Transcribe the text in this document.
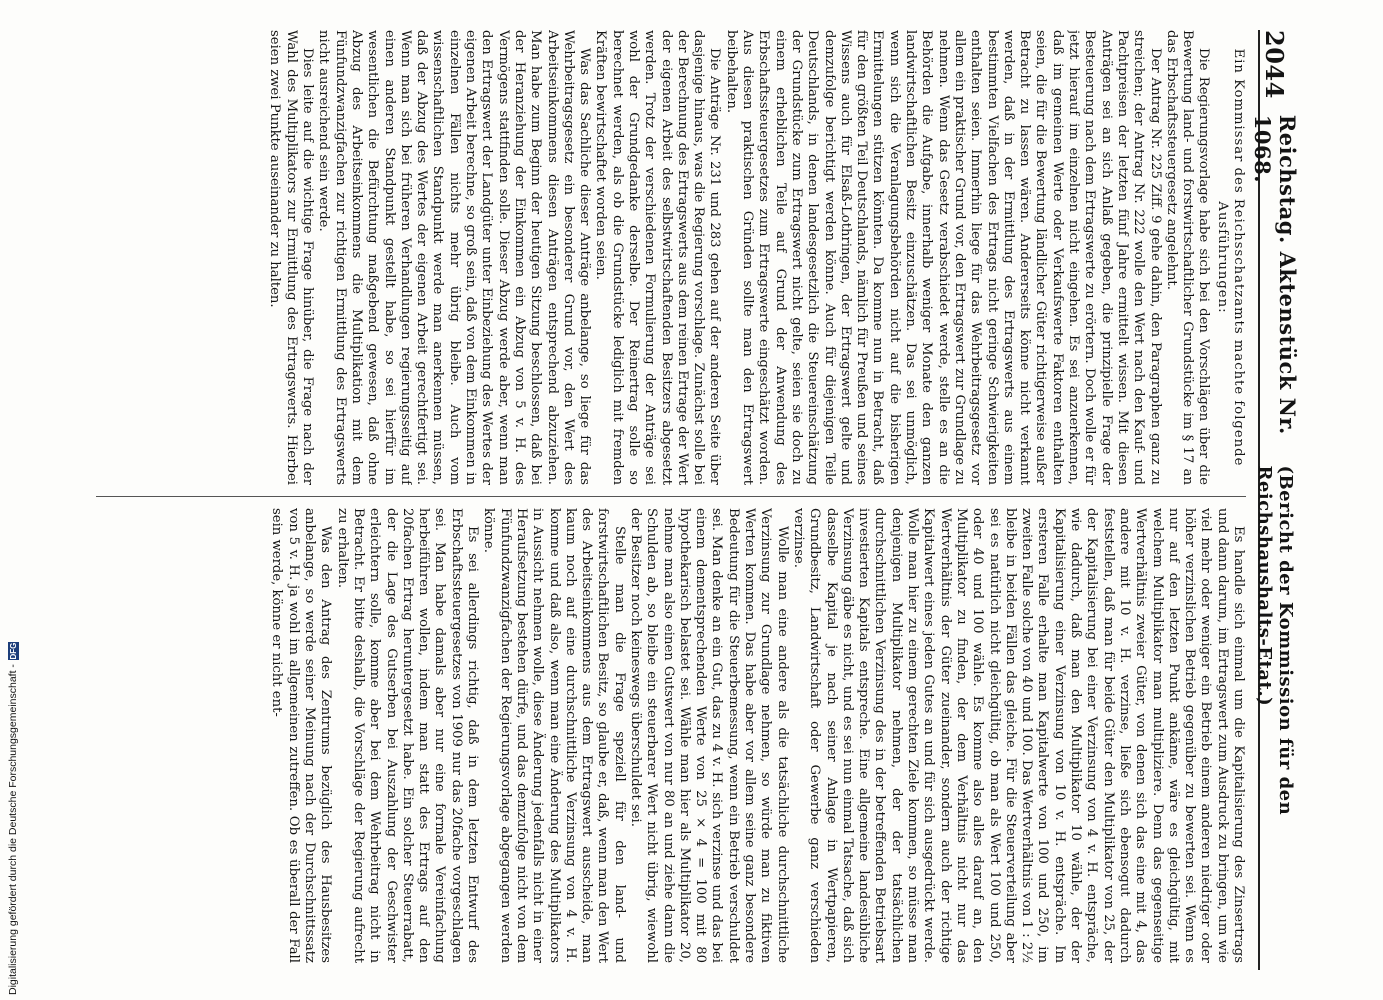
2044
Reichstag. Aktenstück Nr. 1068.
(Bericht der Kommission für den Reichshaushalts-Etat.)

Ein Kommissar des Reichsschatzamts machte folgende Ausführungen:

Die Regierungsvorlage habe sich bei den Vorschlägen über die Bewertung land- und forstwirtschaftlicher Grundstücke im § 17 an das Erbschaftssteuergesetz angelehnt.

Der Antrag Nr. 225 Ziff. 9 gehe dahin, den Paragraphen ganz zu streichen; der Antrag Nr. 222 wolle den Wert nach den Kauf- und Pachtpreisen der letzten fünf Jahre ermittelt wissen. Mit diesen Anträgen sei an sich Anlaß gegeben, die prinzipielle Frage der Besteuerung nach dem Ertragswerte zu erörtern. Doch wolle er für jetzt hierauf im einzelnen nicht eingehen. Es sei anzuerkennen, daß im gemeinen Werte oder Verkaufswerte Faktoren enthalten seien, die für die Bewertung ländlicher Güter richtigerweise außer Betracht zu lassen wären. Andererseits könne nicht verkannt werden, daß in der Ermittlung des Ertragswerts aus einem bestimmten Vielfachen des Ertrags nicht geringe Schwierigkeiten enthalten seien. Immerhin liege für das Wehrbeitragsgesetz vor allem ein praktischer Grund vor, den Ertragswert zur Grundlage zu nehmen. Wenn das Gesetz verabschiedet werde, stelle es an die Behörden die Aufgabe, innerhalb weniger Monate den ganzen landwirtschaftlichen Besitz einzuschätzen. Das sei unmöglich, wenn sich die Veranlagungsbehörden nicht auf die bisherigen Ermittelungen stützen könnten. Da komme nun in Betracht, daß für den größten Teil Deutschlands, nämlich für Preußen und seines Wissens auch für Elsaß-Lothringen, der Ertragswert gelte und demzufolge berichtigt werden könne. Auch für diejenigen Teile Deutschlands, in denen landesgesetzlich die Steuereinschätzung der Grundstücke zum Ertragswert nicht gelte, seien sie doch zu einem erheblichen Teile auf Grund der Anwendung des Erbschaftssteuergesetzes zum Ertragswerte eingeschätzt worden. Aus diesen praktischen Gründen sollte man den Ertragswert beibehalten.

Die Anträge Nr. 231 und 283 gehen auf der anderen Seite über dasjenige hinaus, was die Regierung vorschlage. Zunächst solle bei der Berechnung des Ertragswerts aus dem reinen Ertrage der Wert der eigenen Arbeit des selbstwirtschaftenden Besitzers abgesetzt werden. Trotz der verschiedenen Formulierung der Anträge sei wohl der Grundgedanke derselbe. Der Reinertrag solle so berechnet werden, als ob die Grundstücke lediglich mit fremden Kräften bewirtschaftet worden seien.

Was das Sachliche dieser Anträge anbelange, so liege für das Wehrbeitragsgesetz ein besonderer Grund vor, den Wert des Arbeitseinkommens diesen Anträgen entsprechend abzuziehen. Man habe zum Beginn der heutigen Sitzung beschlossen, daß bei der Heranziehung der Einkommen ein Abzug von 5 v. H. des Vermögens stattfinden solle. Dieser Abzug werde aber, wenn man den Ertragswert der Landgüter unter Einbeziehung des Wertes der eigenen Arbeit berechne, so groß sein, daß von dem Einkommen in einzelnen Fällen nichts mehr übrig bleibe. Auch vom wissenschaftlichen Standpunkt werde man anerkennen müssen, daß der Abzug des Wertes der eigenen Arbeit gerechtfertigt sei. Wenn man sich bei früheren Verhandlungen regierungsseitig auf einen anderen Standpunkt gestellt habe, so sei hierfür im wesentlichen die Befürchtung maßgebend gewesen, daß ohne Abzug des Arbeitseinkommens die Multiplikation mit dem Fünfundzwanzigfachen zur richtigen Ermittlung des Ertragswerts nicht ausreichend sein werde.

Dies leite auf die wichtige Frage hinüber, die Frage nach der Wahl des Multiplikators zur Ermittlung des Ertragswerts. Hierbei seien zwei Punkte auseinander zu halten.

Es handle sich einmal um die Kapitalisierung des Zinsertrags und dann darum, im Ertragswert zum Ausdruck zu bringen, um wie viel mehr oder weniger ein Betrieb einem anderen niedriger oder höher verzinslichen Betrieb gegenüber zu bewerten sei. Wenn es nur auf den letzten Punkt ankäme, wäre es gleichgültig, mit welchem Multiplikator man multipliziere. Denn das gegenseitige Wertverhältnis zweier Güter, von denen sich das eine mit 4, das andere mit 10 v. H. verzinse, ließe sich ebensogut dadurch feststellen, daß man für beide Güter den Multiplikator von 25, der der Kapitalisierung bei einer Verzinsung von 4 v. H. entspräche, wie dadurch, daß man den Multiplikator 10 wähle, der der Kapitalisierung einer Verzinsung von 10 v. H. entspräche. Im ersteren Falle erhalte man Kapitalwerte von 100 und 250, im zweiten Falle solche von 40 und 100. Das Wertverhältnis von 1 : 2½ bleibe in beiden Fällen das gleiche. Für die Steuerverteilung aber sei es natürlich nicht gleichgültig, ob man als Wert 100 und 250, oder 40 und 100 wähle. Es komme also alles darauf an, den Multiplikator zu finden, der dem Verhältnis nicht nur das Wertverhältnis der Güter zueinander, sondern auch der richtige Kapitalwert eines jeden Gutes an und für sich ausgedrückt werde. Wolle man hier zu einem gerechten Ziele kommen, so müsse man denjenigen Multiplikator nehmen, der der tatsächlichen durchschnittlichen Verzinsung des in der betreffenden Betriebsart investierten Kapitals entspreche. Eine allgemeine landesübliche Verzinsung gäbe es nicht, und es sei nun einmal Tatsache, daß sich dasselbe Kapital je nach seiner Anlage in Wertpapieren, Grundbesitz, Landwirtschaft oder Gewerbe ganz verschieden verzinse.

Wolle man eine andere als die tatsächliche durchschnittliche Verzinsung zur Grundlage nehmen, so würde man zu fiktiven Werten kommen. Das habe aber vor allem seine ganz besondere Bedeutung für die Steuerbemessung, wenn ein Betrieb verschuldet sei. Man denke an ein Gut, das zu 4 v. H. sich verzinse und das bei einem dementsprechenden Werte von 25 × 4 = 100 mit 80 hypothekarisch belastet sei. Wähle man hier als Multiplikator 20, nehme man also einen Gutswert von nur 80 an und ziehe dann die Schulden ab, so bleibe ein steuerbarer Wert nicht übrig, wiewohl der Besitzer noch keineswegs überschuldet sei.

Stelle man die Frage speziell für den land- und forstwirtschaftlichen Besitz, so glaube er, daß, wenn man den Wert des Arbeitseinkommens aus dem Ertragswert ausscheide, man kaum noch auf eine durchschnittliche Verzinsung von 4 v. H. komme und daß also, wenn man eine Änderung des Multiplikators in Aussicht nehmen wolle, diese Änderung jedenfalls nicht in einer Heraufsetzung bestehen dürfe, und das demzufolge nicht von dem Fünfundzwanzigfachen der Regierungsvorlage abgegangen werden könne.

Es sei allerdings richtig, daß in dem letzten Entwurf des Erbschaftssteuergesetzes von 1909 nur das 20fache vorgeschlagen sei. Man habe damals aber nur eine formale Vereinfachung herbeiführen wollen, indem man statt des Ertrags auf den 20fachen Ertrag heruntergesetzt habe. Ein solcher Steuerrabatt, der die Lage des Gutserben bei Auszahlung der Geschwister erleichtern solle, komme aber bei dem Wehrbeitrag nicht in Betracht. Er bitte deshalb, die Vorschläge der Regierung aufrecht zu erhalten.

Was den Antrag des Zentrums bezüglich des Hausbesitzes anbelange, so werde seiner Meinung nach der Durchschnittssatz von 5 v. H. ja wohl im allgemeinen zutreffen. Ob es überall der Fall sein werde, könne er nicht ent-

Digitalisierung gefördert durch die Deutsche Forschungsgemeinschaft -
DFG
